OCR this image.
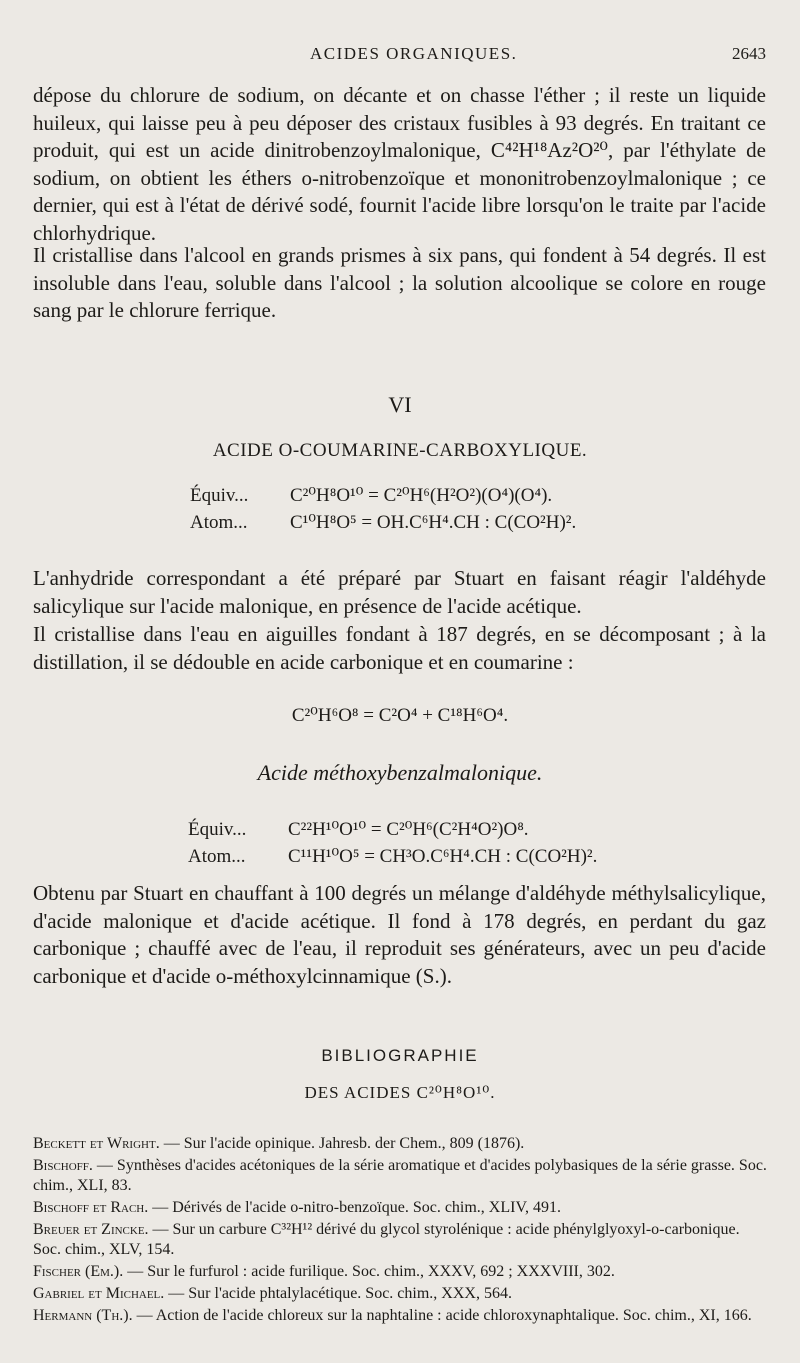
ACIDES ORGANIQUES.	2643

dépose du chlorure de sodium, on décante et on chasse l'éther ; il reste un liquide huileux, qui laisse peu à peu déposer des cristaux fusibles à 93 degrés. En traitant ce produit, qui est un acide dinitrobenzoylmalonique, C⁴²H¹⁸Az²O²⁰, par l'éthylate de sodium, on obtient les éthers o-nitrobenzoïque et mononitrobenzoylmalonique ; ce dernier, qui est à l'état de dérivé sodé, fournit l'acide libre lorsqu'on le traite par l'acide chlorhydrique.

Il cristallise dans l'alcool en grands prismes à six pans, qui fondent à 54 degrés. Il est insoluble dans l'eau, soluble dans l'alcool ; la solution alcoolique se colore en rouge sang par le chlorure ferrique.

VI

ACIDE O-COUMARINE-CARBOXYLIQUE.

Équiv... C²⁰H⁸O¹⁰ = C²⁰H⁶(H²O²)(O⁴)(O⁴).
Atom... C¹⁰H⁸O⁵ = OH.C⁶H⁴.CH : C(CO²H)².

L'anhydride correspondant a été préparé par Stuart en faisant réagir l'aldéhyde salicylique sur l'acide malonique, en présence de l'acide acétique.

Il cristallise dans l'eau en aiguilles fondant à 187 degrés, en se décomposant ; à la distillation, il se dédouble en acide carbonique et en coumarine :

C²⁰H⁶O⁸ = C²O⁴ + C¹⁸H⁶O⁴.

Acide méthoxybenzalmalonique.

Équiv... C²²H¹⁰O¹⁰ = C²⁰H⁶(C²H⁴O²)O⁸.
Atom... C¹¹H¹⁰O⁵ = CH³O.C⁶H⁴.CH : C(CO²H)².

Obtenu par Stuart en chauffant à 100 degrés un mélange d'aldéhyde méthylsalicylique, d'acide malonique et d'acide acétique. Il fond à 178 degrés, en perdant du gaz carbonique ; chauffé avec de l'eau, il reproduit ses générateurs, avec un peu d'acide carbonique et d'acide o-méthoxylcinnamique (S.).

BIBLIOGRAPHIE

DES ACIDES C²⁰H⁸O¹⁰.

Beckett et Wright. — Sur l'acide opinique. Jahresb. der Chem., 809 (1876).
Bischoff. — Synthèses d'acides acétoniques de la série aromatique et d'acides polybasiques de la série grasse. Soc. chim., XLI, 83.
Bischoff et Rach. — Dérivés de l'acide o-nitro-benzoïque. Soc. chim., XLIV, 491.
Breuer et Zincke. — Sur un carbure C³²H¹² dérivé du glycol styrolénique : acide phénylglyoxyl-o-carbonique. Soc. chim., XLV, 154.
Fischer (Em.). — Sur le furfurol : acide furilique. Soc. chim., XXXV, 692 ; XXXVIII, 302.
Gabriel et Michael. — Sur l'acide phtalylacétique. Soc. chim., XXX, 564.
Hermann (Th.). — Action de l'acide chloreux sur la naphtaline : acide chloroxynaphtalique. Soc. chim., XI, 166.
